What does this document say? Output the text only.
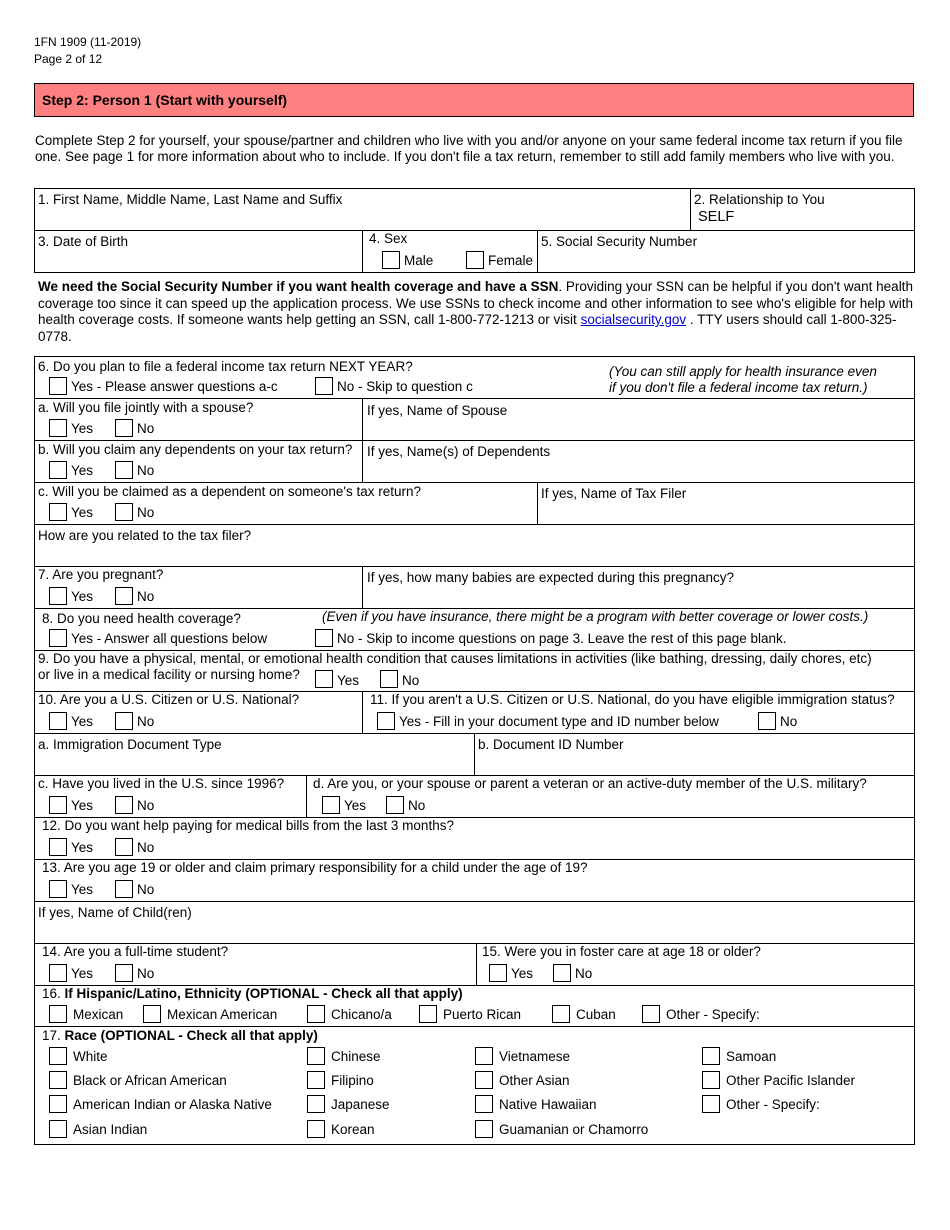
1FN 1909 (11-2019)
Page 2 of 12
Step 2: Person 1 (Start with yourself)
Complete Step 2 for yourself, your spouse/partner and children who live with you and/or anyone on your same federal income tax return if you file one. See page 1 for more information about who to include. If you don't file a tax return, remember to still add family members who live with you.
1. First Name, Middle Name, Last Name and Suffix	2. Relationship to You
SELF
3. Date of Birth	4. Sex
Male	Female
5. Social Security Number
We need the Social Security Number if you want health coverage and have a SSN. Providing your SSN can be helpful if you don't want health coverage too since it can speed up the application process. We use SSNs to check income and other information to see who's eligible for help with health coverage costs. If someone wants help getting an SSN, call 1-800-772-1213 or visit socialsecurity.gov . TTY users should call 1-800-325-0778.
6. Do you plan to file a federal income tax return NEXT YEAR?
Yes - Please answer questions a-c	No - Skip to question c
(You can still apply for health insurance even
if you don't file a federal income tax return.)
a. Will you file jointly with a spouse?
Yes	No
If yes, Name of Spouse
b. Will you claim any dependents on your tax return?
Yes	No
If yes, Name(s) of Dependents
c. Will you be claimed as a dependent on someone's tax return?
Yes	No
If yes, Name of Tax Filer
How are you related to the tax filer?
7. Are you pregnant?
Yes	No
If yes, how many babies are expected during this pregnancy?
8. Do you need health coverage?	(Even if you have insurance, there might be a program with better coverage or lower costs.)
Yes - Answer all questions below	No - Skip to income questions on page 3. Leave the rest of this page blank.
9. Do you have a physical, mental, or emotional health condition that causes limitations in activities (like bathing, dressing, daily chores, etc)
or live in a medical facility or nursing home?	Yes	No
10. Are you a U.S. Citizen or U.S. National?
Yes	No
11. If you aren't a U.S. Citizen or U.S. National, do you have eligible immigration status?
Yes - Fill in your document type and ID number below	No
a. Immigration Document Type	b. Document ID Number
c. Have you lived in the U.S. since 1996?
Yes	No
d. Are you, or your spouse or parent a veteran or an active-duty member of the U.S. military?
Yes	No
12. Do you want help paying for medical bills from the last 3 months?
Yes	No
13. Are you age 19 or older and claim primary responsibility for a child under the age of 19?
Yes	No
If yes, Name of Child(ren)
14. Are you a full-time student?
Yes	No
15. Were you in foster care at age 18 or older?
Yes	No
16. If Hispanic/Latino, Ethnicity (OPTIONAL - Check all that apply)
Mexican	Mexican American	Chicano/a	Puerto Rican	Cuban	Other - Specify:
17. Race (OPTIONAL - Check all that apply)
White
Black or African American
American Indian or Alaska Native
Asian Indian
Chinese
Filipino
Japanese
Korean
Vietnamese
Other Asian
Native Hawaiian
Guamanian or Chamorro
Samoan
Other Pacific Islander
Other - Specify:
